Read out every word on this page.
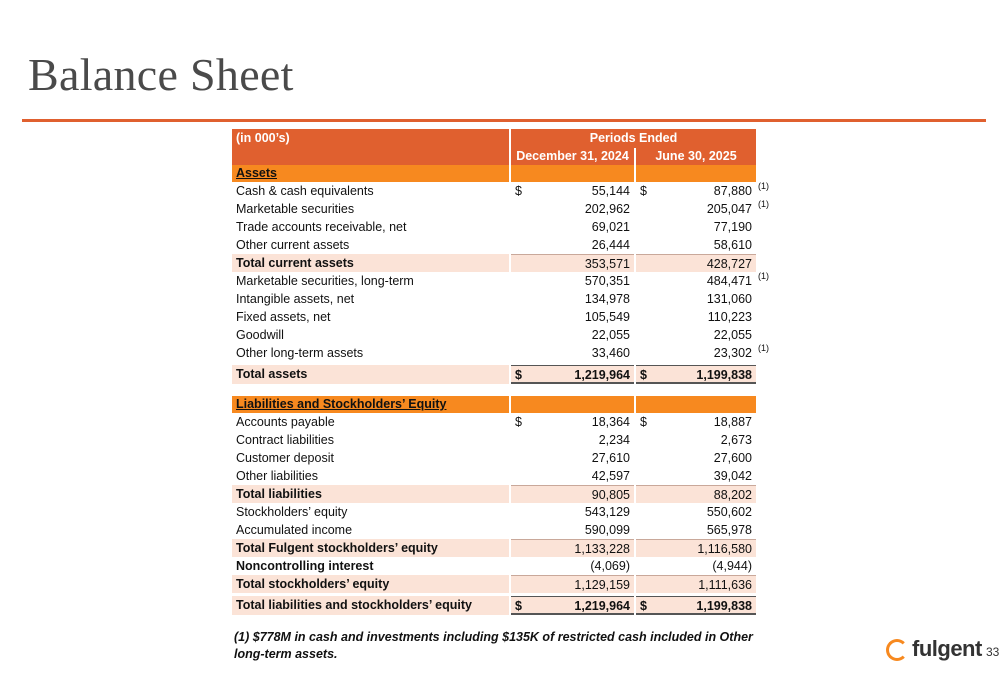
Balance Sheet
(in 000’s)	Periods Ended
December 31, 2024	June 30, 2025
Assets
Cash & cash equivalents	$	55,144 $	87,880 (1)
Marketable securities	202,962	205,047 (1)
Trade accounts receivable, net	69,021	77,190
Other current assets	26,444	58,610
Total current assets	353,571	428,727
Marketable securities, long-term	570,351	484,471 (1)
Intangible assets, net	134,978	131,060
Fixed assets, net	105,549	110,223
Goodwill	22,055	22,055
Other long-term assets	33,460	23,302 (1)
Total assets	$	1,219,964 $	1,199,838
Liabilities and Stockholders’ Equity
Accounts payable	$	18,364 $	18,887
Contract liabilities	2,234	2,673
Customer deposit	27,610	27,600
Other liabilities	42,597	39,042
Total liabilities	90,805	88,202
Stockholders’ equity	543,129	550,602
Accumulated income	590,099	565,978
Total Fulgent stockholders’ equity	1,133,228	1,116,580
Noncontrolling interest	(4,069)	(4,944)
Total stockholders’ equity	1,129,159	1,111,636
Total liabilities and stockholders’ equity	$	1,219,964 $	1,199,838
(1) $778M in cash and investments including $135K of restricted cash included in Other long-term assets.	fulgent 33
